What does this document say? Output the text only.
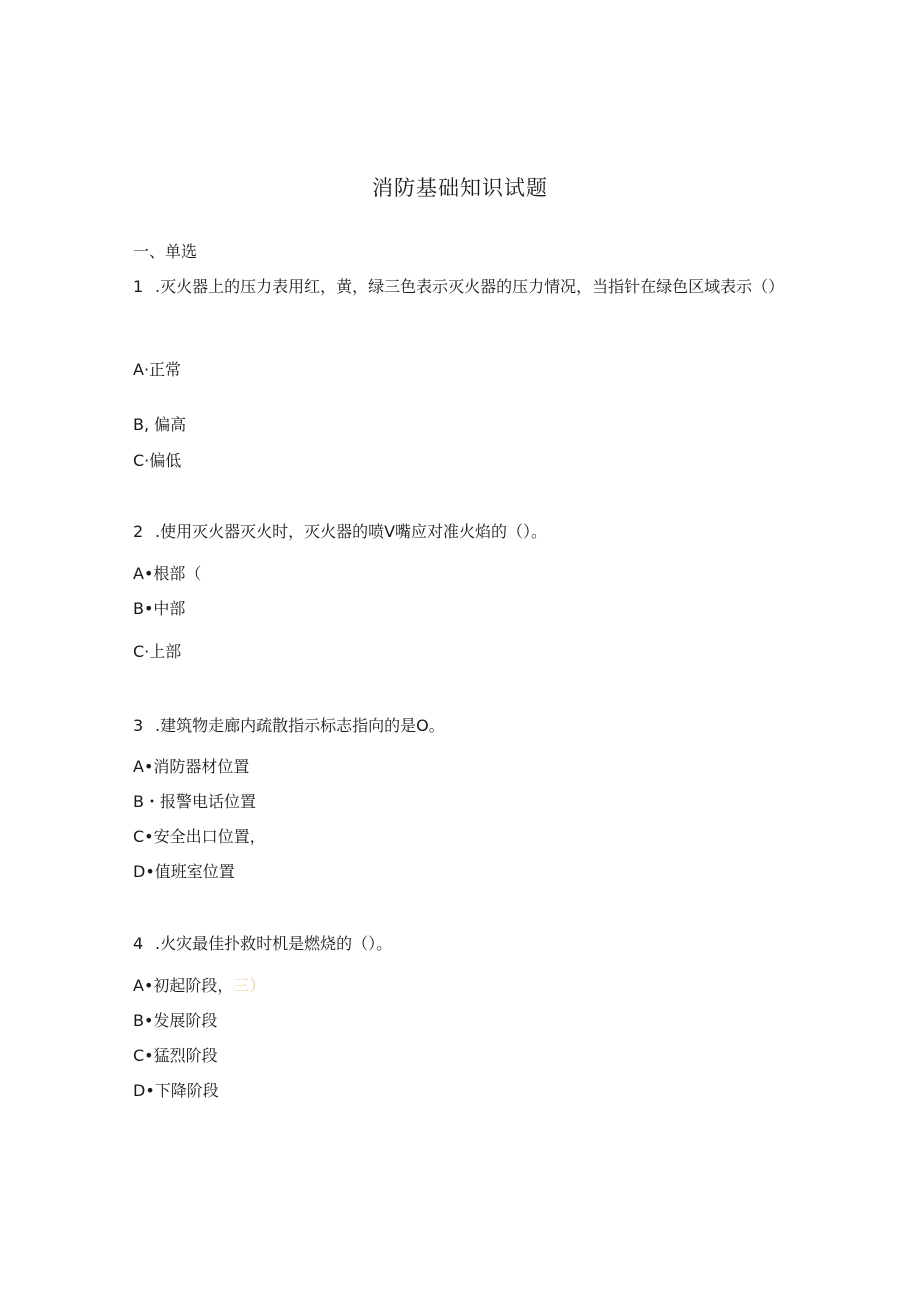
消防基础知识试题
一、单选
1 .灭火器上的压力表用红，黄，绿三色表示灭火器的压力情况，当指针在绿色区域表示（）
A·正常
B, 偏高
C·偏低
2 .使用灭火器灭火时，灭火器的喷V嘴应对准火焰的（）。
A•根部（
B•中部
C·上部
3 .建筑物走廊内疏散指示标志指向的是O。
A•消防器材位置
B・报警电话位置
C•安全出口位置，
D•值班室位置
4 .火灾最佳扑救时机是燃烧的（）。
A•初起阶段，三）
B•发展阶段
C•猛烈阶段
D•下降阶段
